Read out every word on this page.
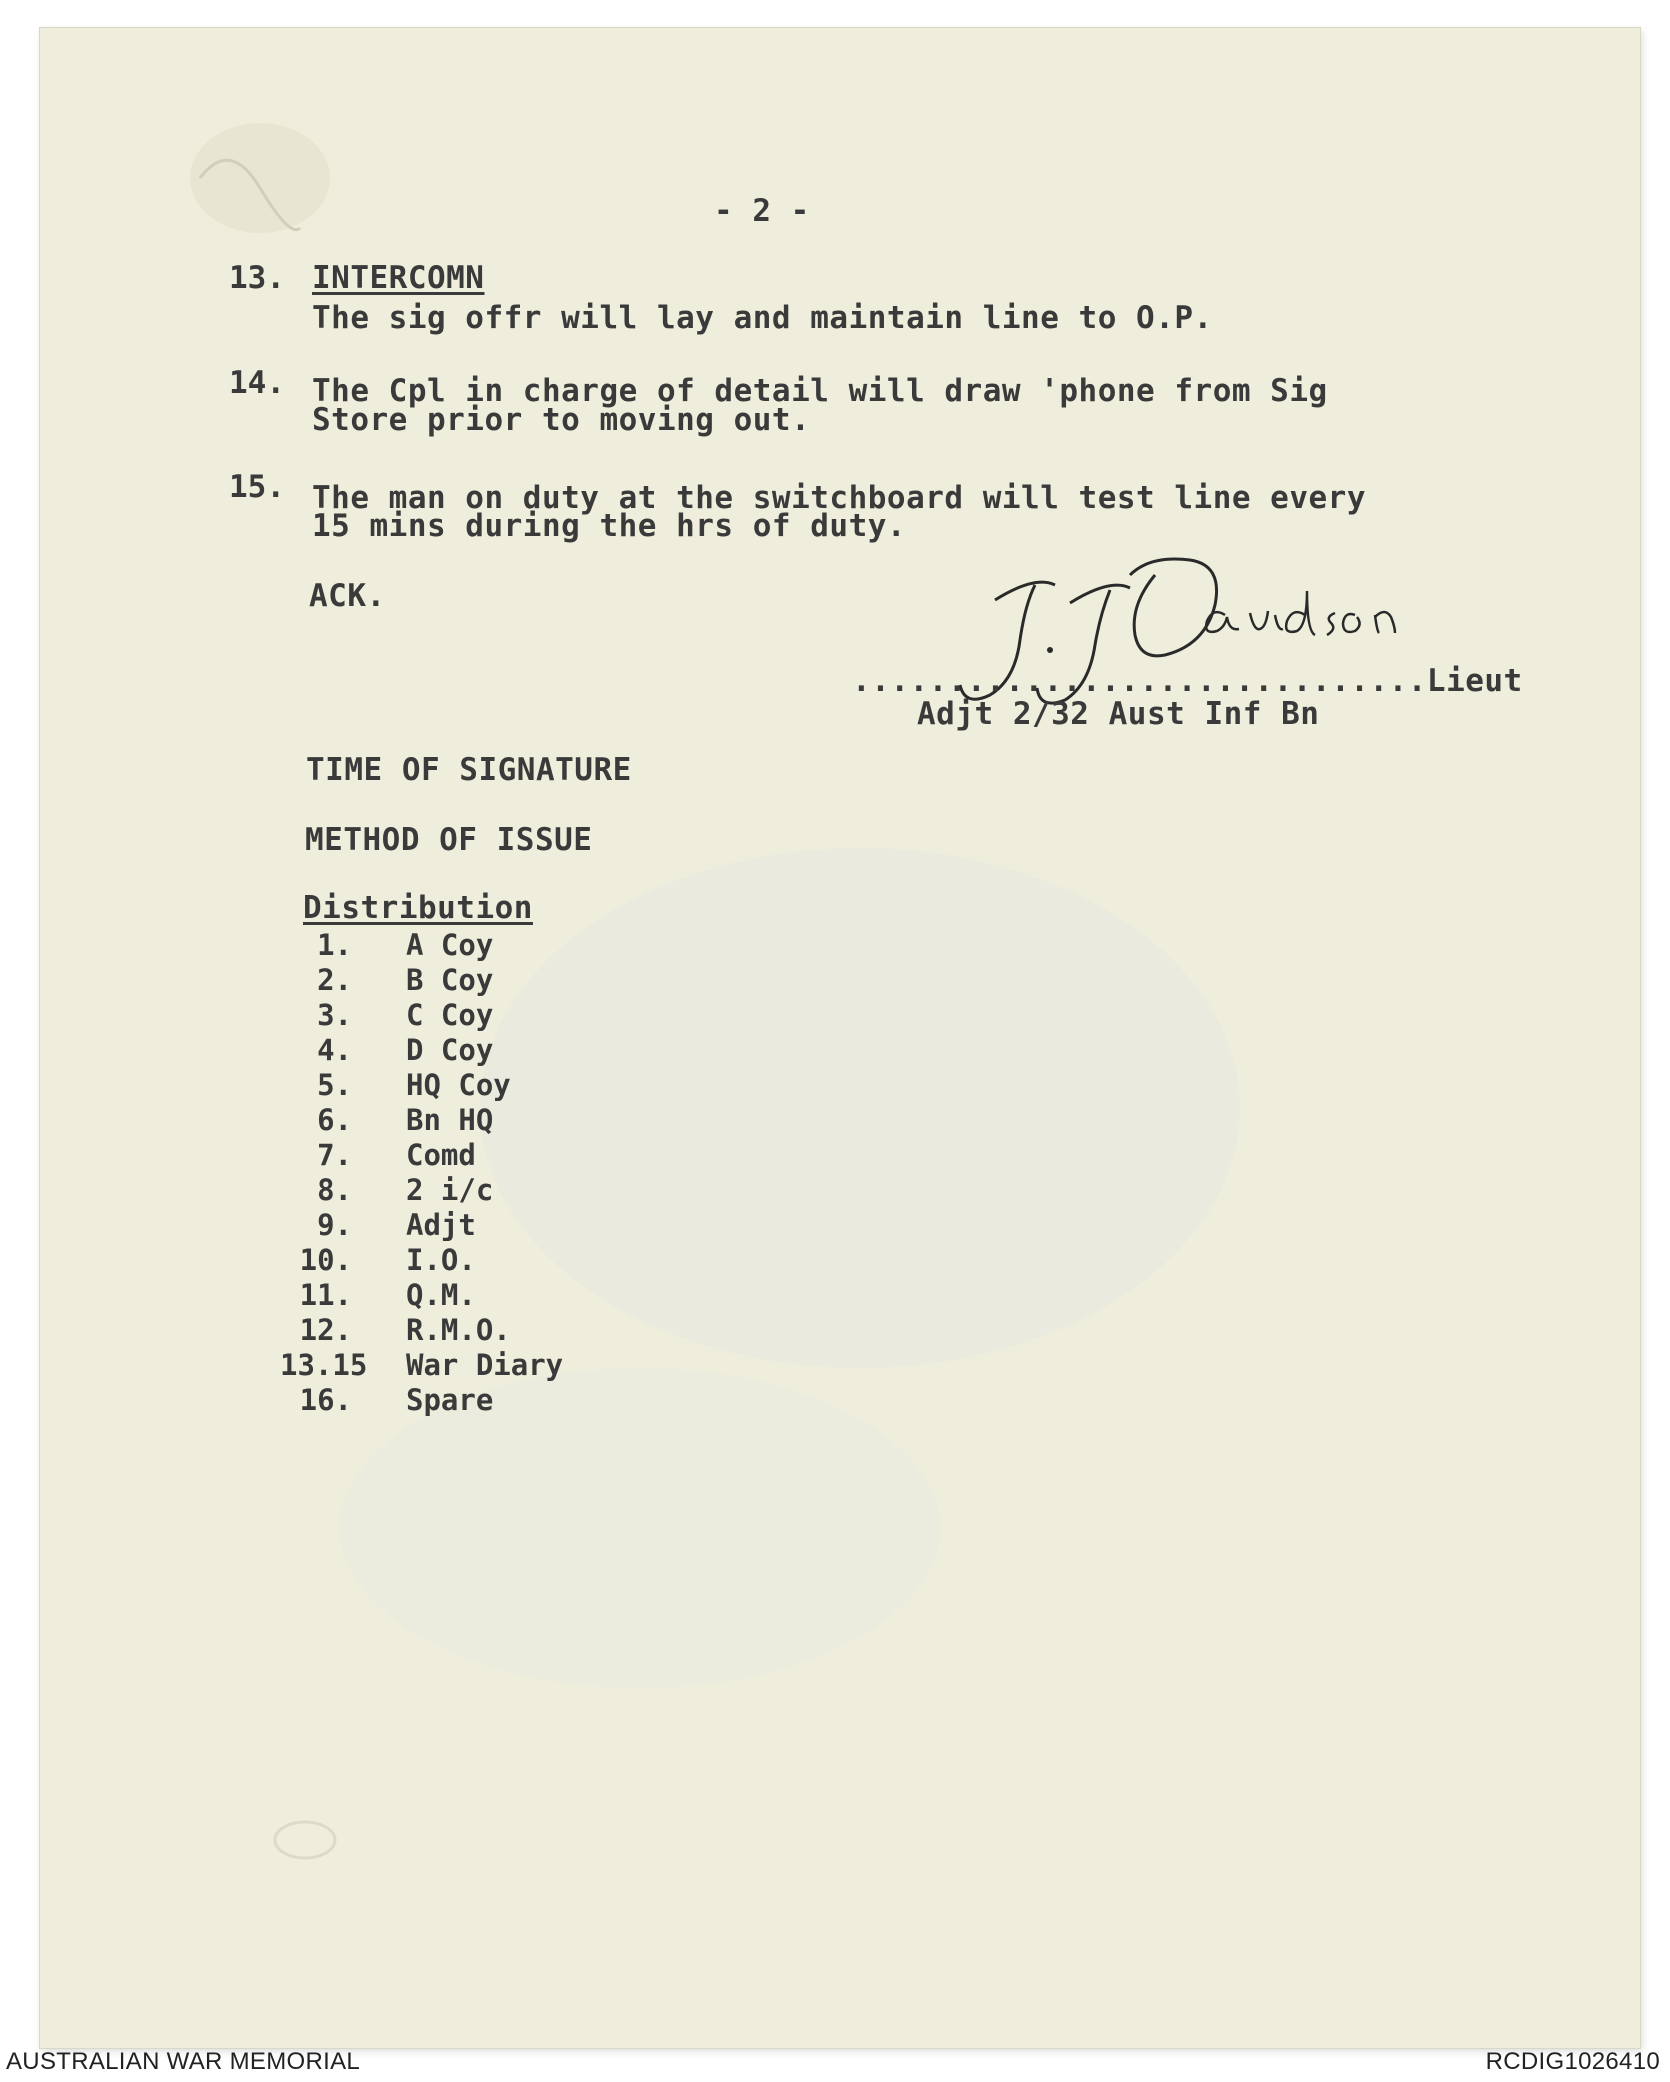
- 2 -
13. INTERCOMN
The sig offr will lay and maintain line to O.P.
14. The Cpl in charge of detail will draw 'phone from Sig
Store prior to moving out.
15. The man on duty at the switchboard will test line every
15 mins during the hrs of duty.
ACK.
..............................Lieut
Adjt 2/32 Aust Inf Bn
TIME OF SIGNATURE
METHOD OF ISSUE
Distribution
1. A Coy
2. B Coy
3. C Coy
4. D Coy
5. HQ Coy
6. Bn HQ
7. Comd
8. 2 i/c
9. Adjt
10. I.O.
11. Q.M.
12. R.M.O.
13.15 War Diary
16. Spare
AUSTRALIAN WAR MEMORIAL	RCDIG1026410
